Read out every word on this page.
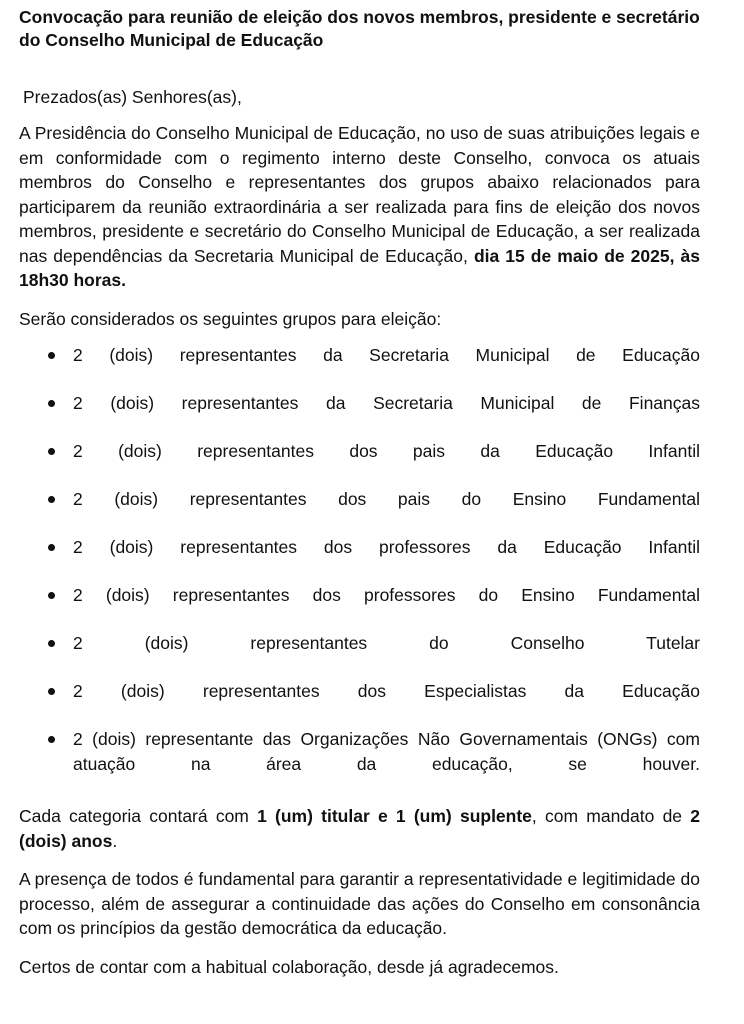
Convocação para reunião de eleição dos novos membros, presidente e secretário do Conselho Municipal de Educação
Prezados(as) Senhores(as),

A Presidência do Conselho Municipal de Educação, no uso de suas atribuições legais e em conformidade com o regimento interno deste Conselho, convoca os atuais membros do Conselho e representantes dos grupos abaixo relacionados para participarem da reunião extraordinária a ser realizada para fins de eleição dos novos membros, presidente e secretário do Conselho Municipal de Educação, a ser realizada nas dependências da Secretaria Municipal de Educação, dia 15 de maio de 2025, às 18h30 horas.

Serão considerados os seguintes grupos para eleição:

2 (dois) representantes da Secretaria Municipal de Educação
2 (dois) representantes da Secretaria Municipal de Finanças
2 (dois) representantes dos pais da Educação Infantil
2 (dois) representantes dos pais do Ensino Fundamental
2 (dois) representantes dos professores da Educação Infantil
2 (dois) representantes dos professores do Ensino Fundamental
2 (dois) representantes do Conselho Tutelar
2 (dois) representantes dos Especialistas da Educação
2 (dois) representante das Organizações Não Governamentais (ONGs) com atuação na área da educação, se houver.

Cada categoria contará com 1 (um) titular e 1 (um) suplente, com mandato de 2 (dois) anos.

A presença de todos é fundamental para garantir a representatividade e legitimidade do processo, além de assegurar a continuidade das ações do Conselho em consonância com os princípios da gestão democrática da educação.

Certos de contar com a habitual colaboração, desde já agradecemos.
